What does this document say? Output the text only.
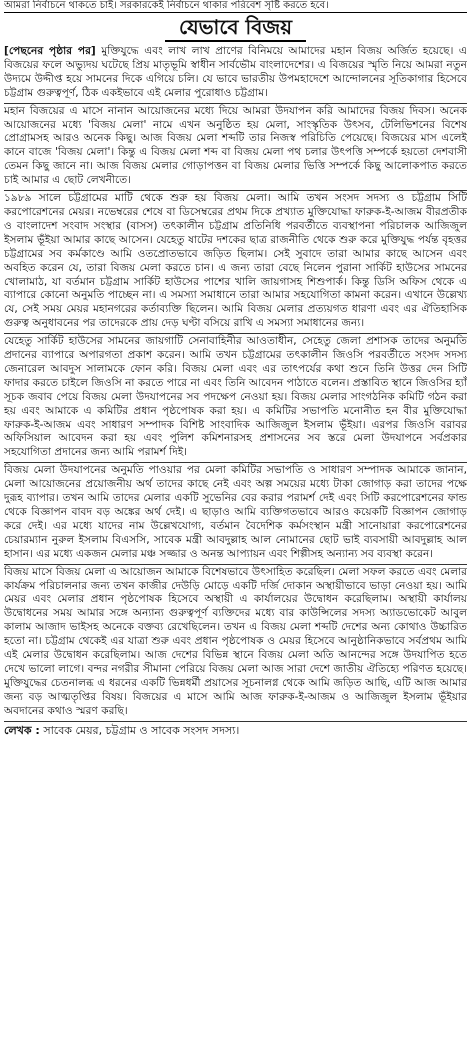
আমরা নির্বাচনে থাকতে চাই। সরকারকেই নির্বাচনে থাকার পরিবেশ সৃষ্টি করতে হবে।
যেভাবে বিজয়

[পেছনের পৃষ্ঠার পর] মুক্তিযুদ্ধে এবং লাখ লাখ প্রাণের বিনিময়ে আমাদের মহান বিজয় অর্জিত হয়েছে। এ বিজয়ের ফলে অভ্যুদয় ঘটেছে প্রিয় মাতৃভূমি স্বাধীন সার্বভৌম বাংলাদেশের। এ বিজয়ের স্মৃতি নিয়ে আমরা নতুন উদ্যমে উদ্দীপ্ত হয়ে সামনের দিকে এগিয়ে চলি। যে ভাবে ভারতীয় উপমহাদেশে আন্দোলনের সূতিকাগার হিসেবে চট্টগ্রাম গুরুত্বপূর্ণ, ঠিক একইভাবে এই মেলার পুরোধাও চট্টগ্রাম।

মহান বিজয়ের এ মাসে নানান আয়োজনের মধ্যে দিয়ে আমরা উদযাপন করি আমাদের বিজয় দিবস। অনেক আয়োজনের মধ্যে 'বিজয় মেলা' নামে এখন অনুষ্ঠিত হয় মেলা, সাংস্কৃতিক উৎসব, টেলিভিশনের বিশেষ প্রোগ্রামসহ আরও অনেক কিছু। আজ বিজয় মেলা শব্দটি তার নিজস্ব পরিচিতি পেয়েছে। বিজয়ের মাস এলেই কানে বাজে 'বিজয় মেলা'। কিন্তু এ বিজয় মেলা শব্দ বা বিজয় মেলা পথ চলার উৎপত্তি সম্পর্কে হয়তো দেশবাসী তেমন কিছু জানে না। আজ বিজয় মেলার গোড়াপত্তন বা বিজয় মেলার ভিত্তি সম্পর্কে কিছু আলোকপাত করতে চাই আমার এ ছোট লেখনীতে।

১৯৮৯ সালে চট্টগ্রামের মাটি থেকে শুরু হয় বিজয় মেলা। আমি তখন সংসদ সদস্য ও চট্টগ্রাম সিটি করপোরেশনের মেয়র। নভেম্বরের শেষে বা ডিসেম্বরের প্রথম দিকে প্রখ্যাত মুক্তিযোদ্ধা ফারুক-ই-আজম বীরপ্রতীক ও বাংলাদেশ সংবাদ সংস্থার (বাসস) তৎকালীন চট্টগ্রাম প্রতিনিধি পরবর্তীতে ব্যবস্থাপনা পরিচালক আজিজুল ইসলাম ভূঁইয়া আমার কাছে আসেন। যেহেতু ষাটের দশকের ছাত্র রাজনীতি থেকে শুরু করে মুক্তিযুদ্ধ পর্যন্ত বৃহত্তর চট্টগ্রামের সব কর্মকাণ্ডে আমি ওতপ্রোতভাবে জড়িত ছিলাম। সেই সুবাদে তারা আমার কাছে আসেন এবং অবহিত করেন যে, তারা বিজয় মেলা করতে চান। এ জন্য তারা বেছে নিলেন পুরানা সার্কিট হাউসের সামনের খোলামাঠ, যা বর্তমান চট্টগ্রাম সার্কিট হাউসের পাশের খালি জায়গাসহ শিশুপার্ক। কিন্তু ডিসি অফিস থেকে এ ব্যাপারে কোনো অনুমতি পাচ্ছেন না। এ সমস্যা সমাধানে তারা আমার সহযোগিতা কামনা করেন। এখানে উল্লেখ্য যে, সেই সময় মেয়র মহানগরের কর্তাব্যক্তি ছিলেন। আমি বিজয় মেলার প্রত্যয়গত ধারণা এবং এর ঐতিহাসিক গুরুত্ব অনুধাবনের পর তাদেরকে প্রায় দেড় ঘণ্টা বসিয়ে রাখি এ সমস্যা সমাধানের জন্য।

যেহেতু সার্কিট হাউসের সামনের জায়গাটি সেনাবাহিনীর আওতাধীন, সেহেতু জেলা প্রশাসক তাদের অনুমতি প্রদানের ব্যাপারে অপারগতা প্রকাশ করেন। আমি তখন চট্টগ্রামের তৎকালীন জিওসি পরবর্তীতে সংসদ সদস্য জেনারেল আবদুস সালামকে ফোন করি। বিজয় মেলা এবং এর তাৎপর্যের কথা শুনে তিনি উত্তর দেন সিটি ফাদার করতে চাইলে জিওসি না করতে পারে না এবং তিনি আবেদন পাঠাতে বলেন। প্রস্তাবিত স্থানে জিওসির হ্যাঁ সূচক জবাব পেয়ে বিজয় মেলা উদযাপনের সব পদক্ষেপ নেওয়া হয়। বিজয় মেলার সাংগঠনিক কমিটি গঠন করা হয় এবং আমাকে এ কমিটির প্রধান পৃষ্ঠপোষক করা হয়। এ কমিটির সভাপতি মনোনীত হন বীর মুক্তিযোদ্ধা ফারুক-ই-আজম এবং সাধারণ সম্পাদক বিশিষ্ট সাংবাদিক আজিজুল ইসলাম ভূঁইয়া। এরপর জিওসি বরাবর অফিসিয়াল আবেদন করা হয় এবং পুলিশ কমিশনারসহ প্রশাসনের সব স্তরে মেলা উদযাপনে সর্বপ্রকার সহযোগিতা প্রদানের জন্য আমি পরামর্শ দিই।

বিজয় মেলা উদযাপনের অনুমতি পাওয়ার পর মেলা কমিটির সভাপতি ও সাধারণ সম্পাদক আমাকে জানান, মেলা আয়োজনের প্রয়োজনীয় অর্থ তাদের কাছে নেই এবং অল্প সময়ের মধ্যে টাকা জোগাড় করা তাদের পক্ষে দুরূহ ব্যাপার। তখন আমি তাদের মেলার একটি সুভেনির বের করার পরামর্শ দেই এবং সিটি করপোরেশনের ফান্ড থেকে বিজ্ঞাপন বাবদ বড় অঙ্কের অর্থ দেই। এ ছাড়াও আমি ব্যক্তিগতভাবে আরও কয়েকটি বিজ্ঞাপন জোগাড় করে দেই। এর মধ্যে যাদের নাম উল্লেখযোগ্য, বর্তমান বৈদেশিক কর্মসংস্থান মন্ত্রী সানোয়ারা করপোরেশনের চেয়ারম্যান নুরুল ইসলাম বিএসসি, সাবেক মন্ত্রী আবদুল্লাহ আল নোমানের ছোট ভাই ব্যবসায়ী আবদুল্লাহ আল হাসান। এর মধ্যে একজন মেলার মঞ্চ সজ্জার ও অনন্ত আপ্যায়ন এবং শিল্পীসহ অন্যান্য সব ব্যবস্থা করেন।

বিজয় মাসে বিজয় মেলা এ আয়োজন আমাকে বিশেষভাবে উৎসাহিত করেছিল। মেলা সফল করতে এবং মেলার কার্যক্রম পরিচালনার জন্য তখন কাজীর দেউড়ি মোড়ে একটি দর্জি দোকান অস্থায়ীভাবে ভাড়া নেওয়া হয়। আমি মেয়র এবং মেলার প্রধান পৃষ্ঠপোষক হিসেবে অস্থায়ী এ কার্যালয়ের উদ্বোধন করেছিলাম। অস্থায়ী কার্যালয় উদ্বোধনের সময় আমার সঙ্গে অন্যান্য গুরুত্বপূর্ণ ব্যক্তিদের মধ্যে বার কাউন্সিলের সদস্য অ্যাডভোকেট আবুল কালাম আজাদ ভাইসহ অনেকে বক্তব্য রেখেছিলেন। তখন এ বিজয় মেলা শব্দটি দেশের অন্য কোথাও উচ্চারিত হতো না। চট্টগ্রাম থেকেই এর যাত্রা শুরু এবং প্রধান পৃষ্ঠপোষক ও মেয়র হিসেবে আনুষ্ঠানিকভাবে সর্বপ্রথম আমি এই মেলার উদ্বোধন করেছিলাম। আজ দেশের বিভিন্ন স্থানে বিজয় মেলা অতি আনন্দের সঙ্গে উদযাপিত হতে দেখে ভালো লাগে। বন্দর নগরীর সীমানা পেরিয়ে বিজয় মেলা আজ সারা দেশে জাতীয় ঐতিহ্যে পরিণত হয়েছে। মুক্তিযুদ্ধের চেতনালব্ধ এ ধরনের একটি ভিন্নধর্মী প্রয়াসের সূচনালগ্ন থেকে আমি জড়িত আছি, এটি আজ আমার জন্য বড় আত্মতৃপ্তির বিষয়। বিজয়ের এ মাসে আমি আজ ফারুক-ই-আজম ও আজিজুল ইসলাম ভূঁইয়ার অবদানের কথাও স্মরণ করছি।

লেখক : সাবেক মেয়র, চট্টগ্রাম ও সাবেক সংসদ সদস্য।
